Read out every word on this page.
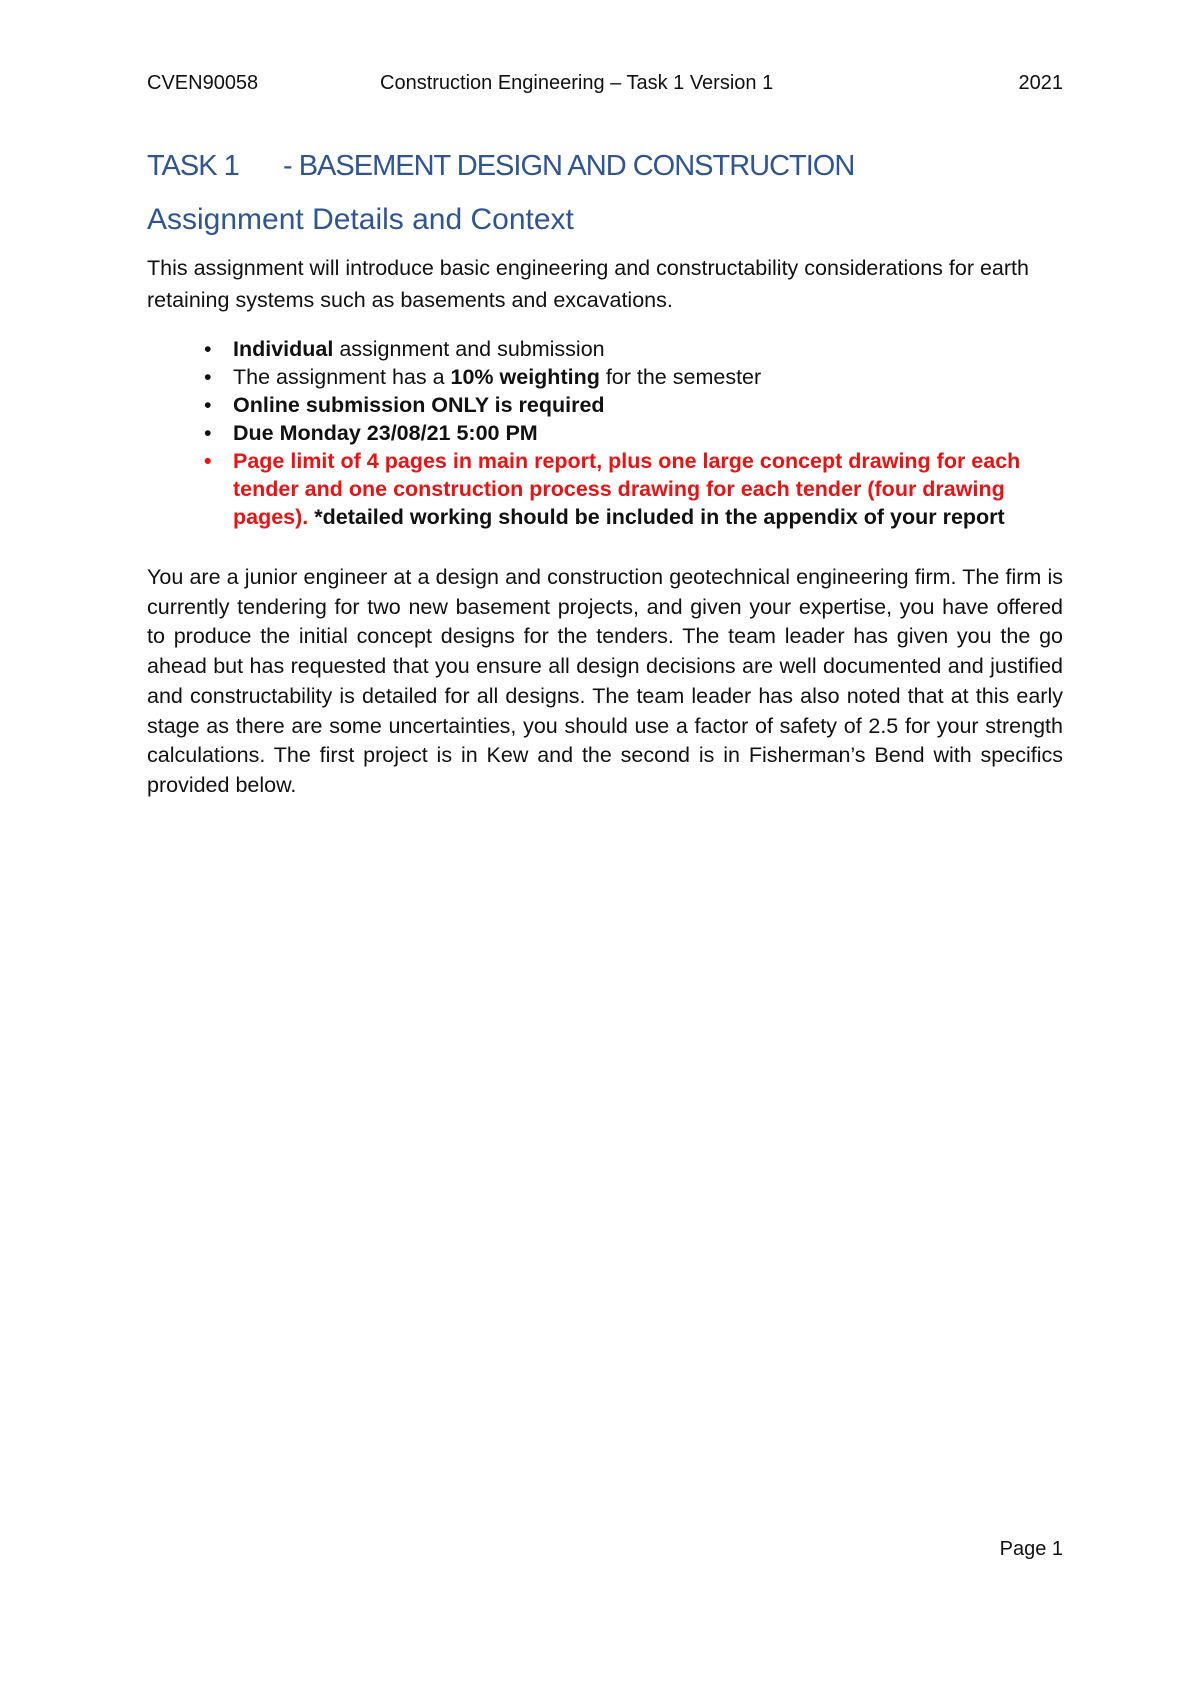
CVEN90058	Construction Engineering – Task 1 Version 1	2021
TASK 1 - BASEMENT DESIGN AND CONSTRUCTION
Assignment Details and Context

This assignment will introduce basic engineering and constructability considerations for earth retaining systems such as basements and excavations.

• Individual assignment and submission
• The assignment has a 10% weighting for the semester
• Online submission ONLY is required
• Due Monday 23/08/21 5:00 PM
• Page limit of 4 pages in main report, plus one large concept drawing for each tender and one construction process drawing for each tender (four drawing pages). *detailed working should be included in the appendix of your report

You are a junior engineer at a design and construction geotechnical engineering firm. The firm is currently tendering for two new basement projects, and given your expertise, you have offered to produce the initial concept designs for the tenders. The team leader has given you the go ahead but has requested that you ensure all design decisions are well documented and justified and constructability is detailed for all designs. The team leader has also noted that at this early stage as there are some uncertainties, you should use a factor of safety of 2.5 for your strength calculations. The first project is in Kew and the second is in Fisherman’s Bend with specifics provided below.

Page 1
